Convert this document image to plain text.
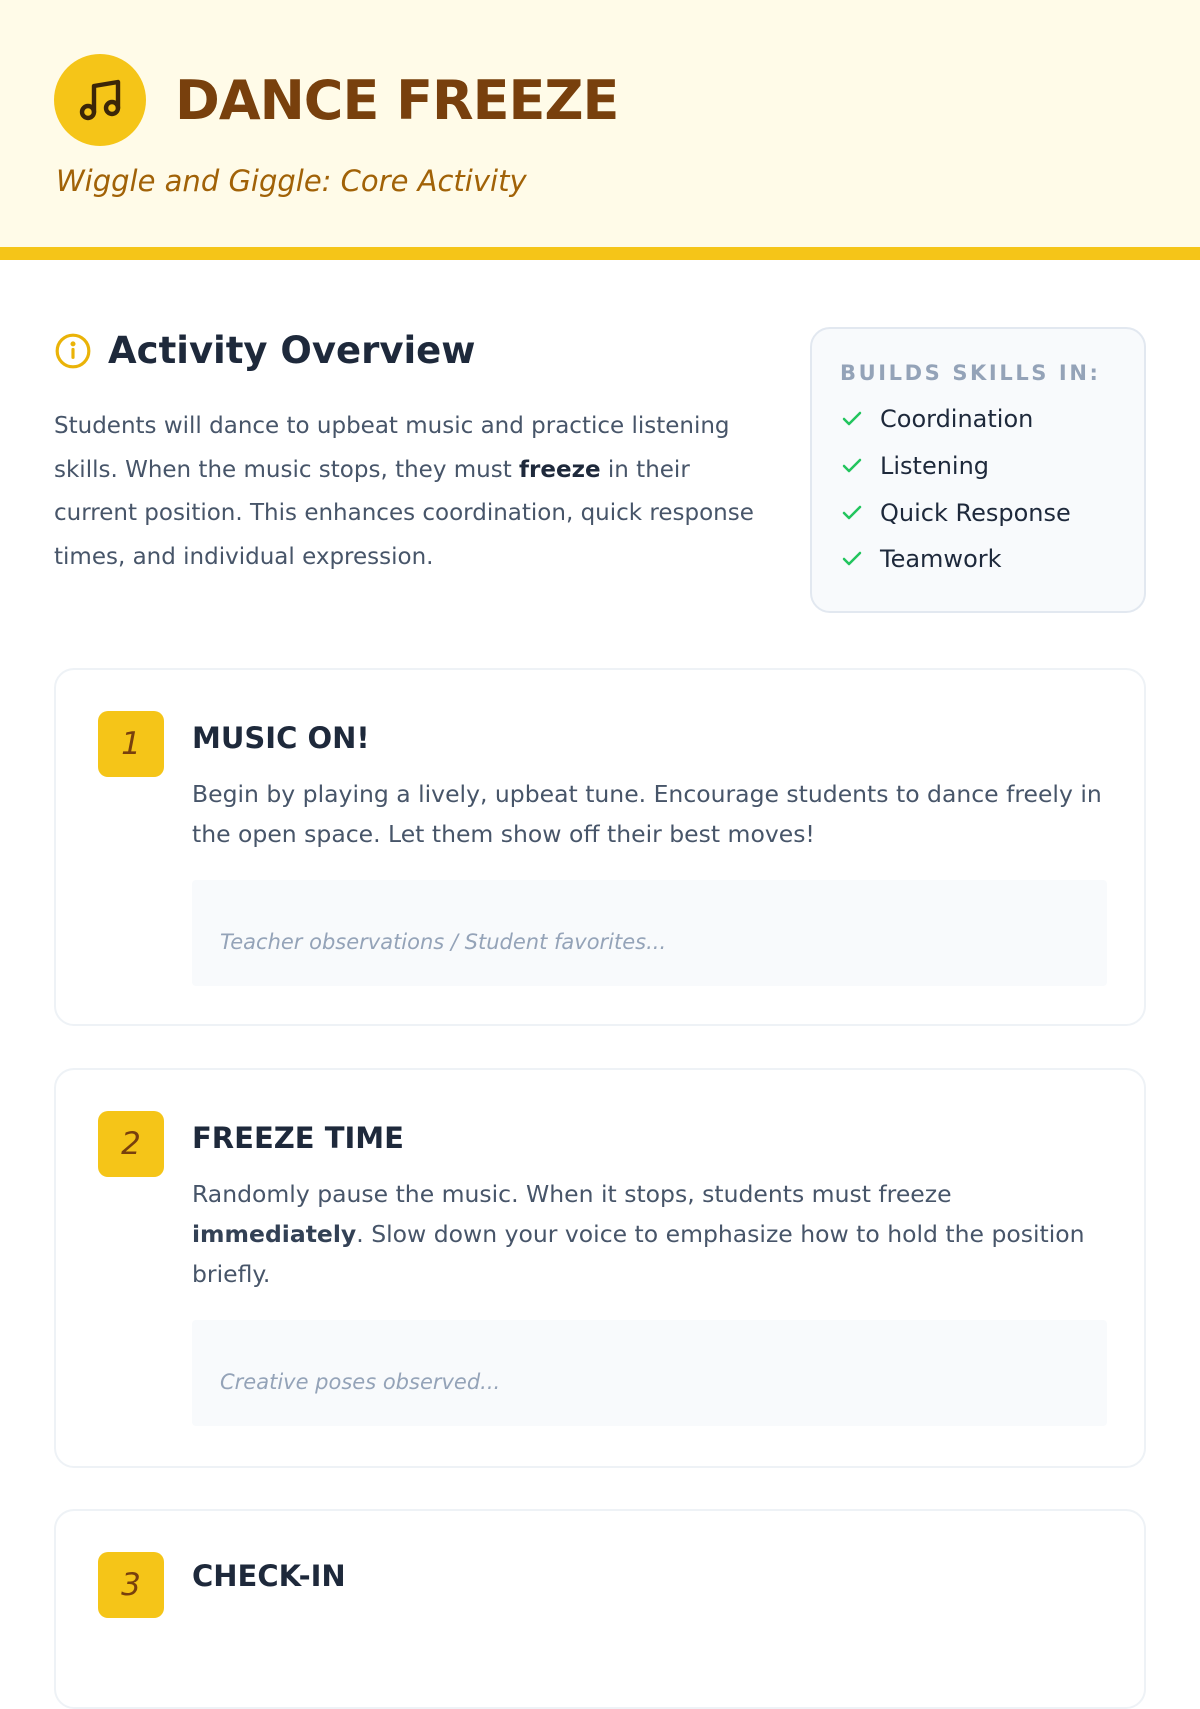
DANCE FREEZE
Wiggle and Giggle: Core Activity
Activity Overview
Students will dance to upbeat music and practice listening skills. When the music stops, they must freeze in their current position. This enhances coordination, quick response times, and individual expression.
BUILDS SKILLS IN:
Coordination
Listening
Quick Response
Teamwork
1	MUSIC ON!
Begin by playing a lively, upbeat tune. Encourage students to dance freely in the open space. Let them show off their best moves!
Teacher observations / Student favorites...
2	FREEZE TIME
Randomly pause the music. When it stops, students must freeze immediately. Slow down your voice to emphasize how to hold the position briefly.
Creative poses observed...
3	CHECK-IN
